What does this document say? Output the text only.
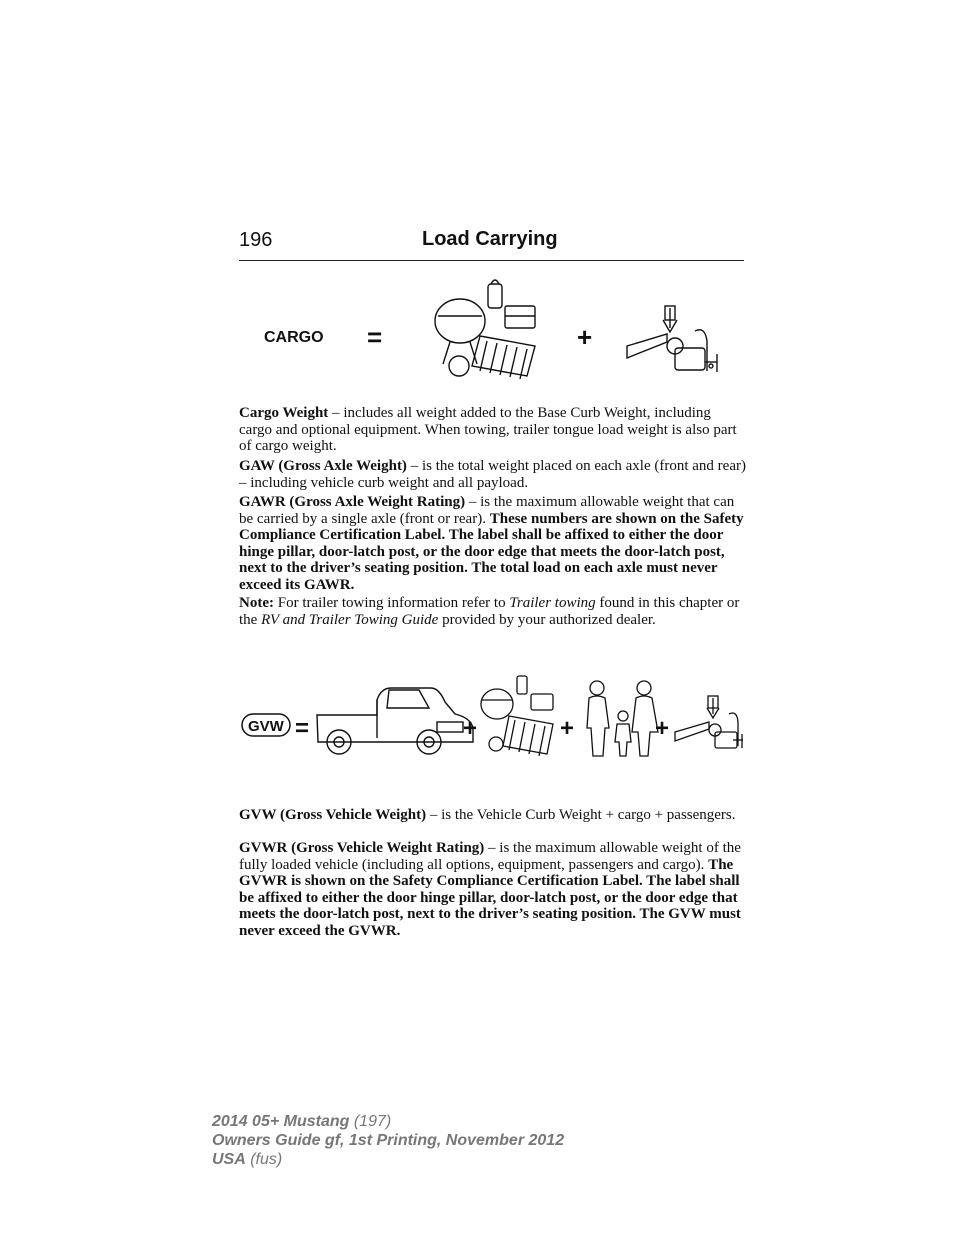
196	Load Carrying
CARGO =	+

Cargo Weight – includes all weight added to the Base Curb Weight, including cargo and optional equipment. When towing, trailer tongue load weight is also part of cargo weight.

GAW (Gross Axle Weight) – is the total weight placed on each axle (front and rear) – including vehicle curb weight and all payload.

GAWR (Gross Axle Weight Rating) – is the maximum allowable weight that can be carried by a single axle (front or rear). These numbers are shown on the Safety Compliance Certification Label. The label shall be affixed to either the door hinge pillar, door-latch post, or the door edge that meets the door-latch post, next to the driver’s seating position. The total load on each axle must never exceed its GAWR.

Note: For trailer towing information refer to Trailer towing found in this chapter or the RV and Trailer Towing Guide provided by your authorized dealer.

GVW =	+	+	+

GVW (Gross Vehicle Weight) – is the Vehicle Curb Weight + cargo + passengers.

GVWR (Gross Vehicle Weight Rating) – is the maximum allowable weight of the fully loaded vehicle (including all options, equipment, passengers and cargo). The GVWR is shown on the Safety Compliance Certification Label. The label shall be affixed to either the door hinge pillar, door-latch post, or the door edge that meets the door-latch post, next to the driver’s seating position. The GVW must never exceed the GVWR.

2014 05+ Mustang (197)
Owners Guide gf, 1st Printing, November 2012
USA (fus)
